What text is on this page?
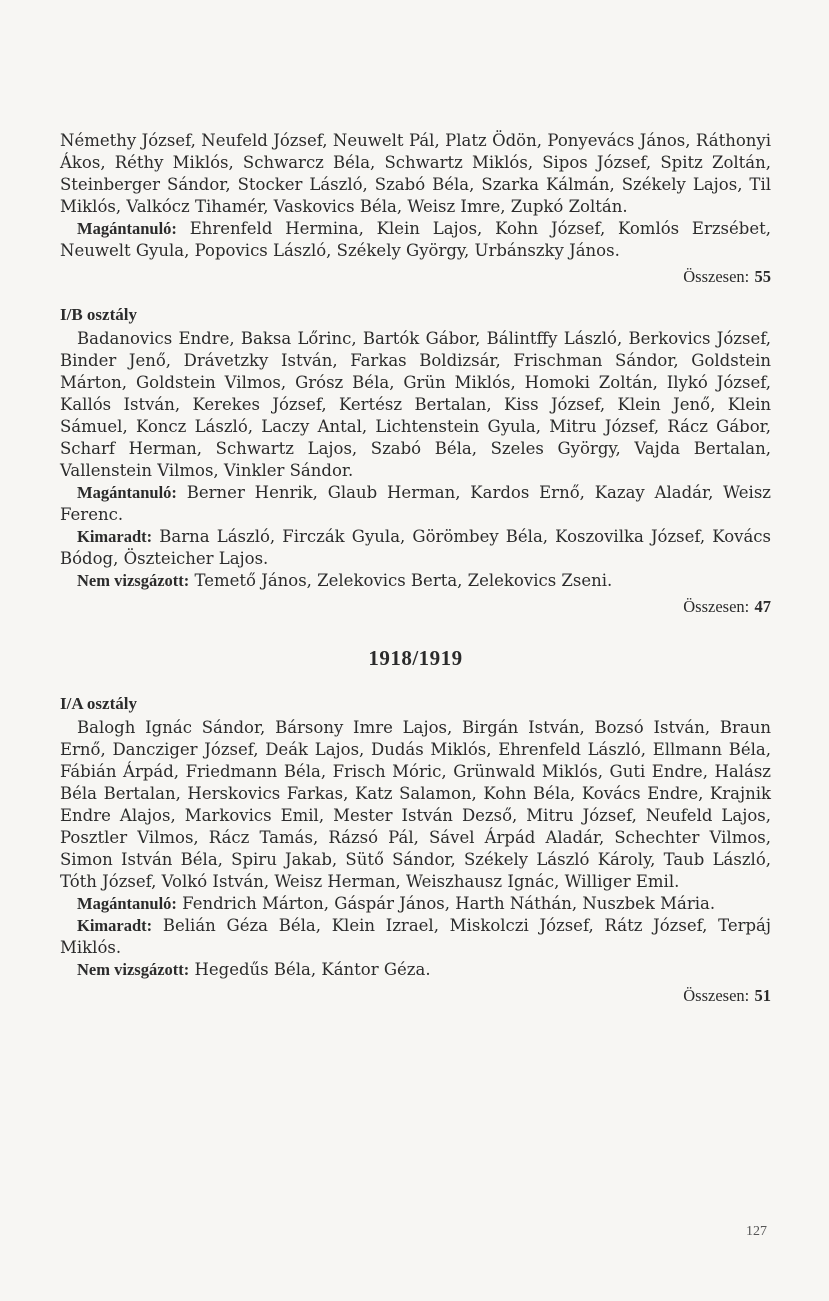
Némethy József, Neufeld József, Neuwelt Pál, Platz Ödön, Ponyevács János, Ráthonyi Ákos, Réthy Miklós, Schwarcz Béla, Schwartz Miklós, Sipos József, Spitz Zoltán, Steinberger Sándor, Stocker László, Szabó Béla, Szarka Kálmán, Székely Lajos, Til Miklós, Valkócz Tihamér, Vaskovics Béla, Weisz Imre, Zupkó Zoltán.

Magántanuló: Ehrenfeld Hermina, Klein Lajos, Kohn József, Komlós Erzsébet, Neuwelt Gyula, Popovics László, Székely György, Urbánszky János.

Összesen: 55

I/B osztály

Badanovics Endre, Baksa Lőrinc, Bartók Gábor, Bálintffy László, Berkovics József, Binder Jenő, Drávetzky István, Farkas Boldizsár, Frischman Sándor, Goldstein Márton, Goldstein Vilmos, Grósz Béla, Grün Miklós, Homoki Zoltán, Ilykó József, Kallós István, Kerekes József, Kertész Bertalan, Kiss József, Klein Jenő, Klein Sámuel, Koncz László, Laczy Antal, Lichtenstein Gyula, Mitru József, Rácz Gábor, Scharf Herman, Schwartz Lajos, Szabó Béla, Szeles György, Vajda Bertalan, Vallenstein Vilmos, Vinkler Sándor.

Magántanuló: Berner Henrik, Glaub Herman, Kardos Ernő, Kazay Aladár, Weisz Ferenc.

Kimaradt: Barna László, Firczák Gyula, Görömbey Béla, Koszovilka József, Kovács Bódog, Öszteicher Lajos.

Nem vizsgázott: Temető János, Zelekovics Berta, Zelekovics Zseni.

Összesen: 47

1918/1919
I/A osztály

Balogh Ignác Sándor, Bársony Imre Lajos, Birgán István, Bozsó István, Braun Ernő, Dancziger József, Deák Lajos, Dudás Miklós, Ehrenfeld László, Ellmann Béla, Fábián Árpád, Friedmann Béla, Frisch Móric, Grünwald Miklós, Guti Endre, Halász Béla Bertalan, Herskovics Farkas, Katz Salamon, Kohn Béla, Kovács Endre, Krajnik Endre Alajos, Markovics Emil, Mester István Dezső, Mitru József, Neufeld Lajos, Posztler Vilmos, Rácz Tamás, Rázsó Pál, Sável Árpád Aladár, Schechter Vilmos, Simon István Béla, Spiru Jakab, Sütő Sándor, Székely László Károly, Taub László, Tóth József, Volkó István, Weisz Herman, Weiszhausz Ignác, Williger Emil.

Magántanuló: Fendrich Márton, Gáspár János, Harth Náthán, Nuszbek Mária.

Kimaradt: Belián Géza Béla, Klein Izrael, Miskolczi József, Rátz József, Terpáj Miklós.

Nem vizsgázott: Hegedűs Béla, Kántor Géza.

Összesen: 51

127
